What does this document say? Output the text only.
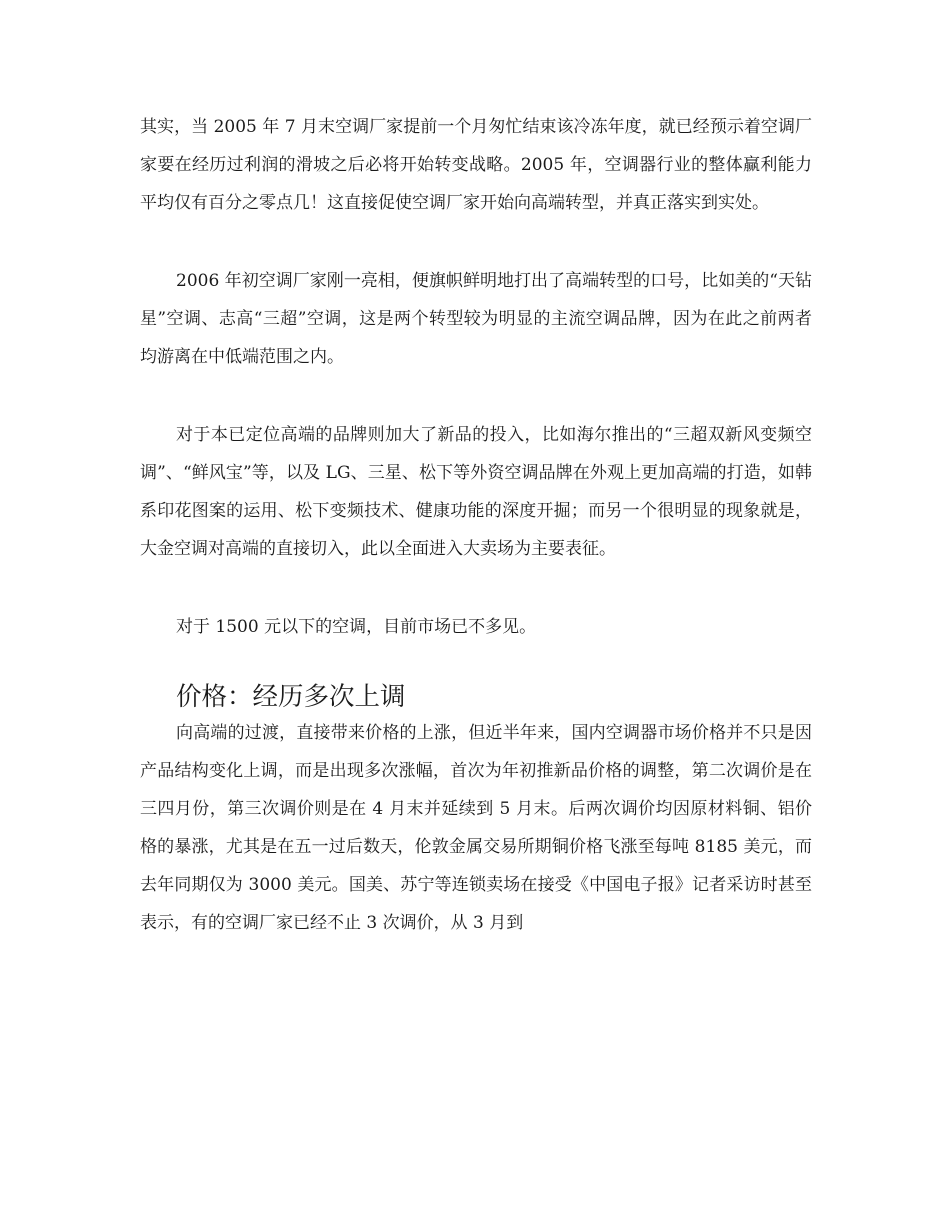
其实，当 2005 年 7 月末空调厂家提前一个月匆忙结束该冷冻年度，就已经预示着空调厂家要在经历过利润的滑坡之后必将开始转变战略。2005 年，空调器行业的整体赢利能力平均仅有百分之零点几！这直接促使空调厂家开始向高端转型，并真正落实到实处。

2006 年初空调厂家刚一亮相，便旗帜鲜明地打出了高端转型的口号，比如美的“天钻星”空调、志高“三超”空调，这是两个转型较为明显的主流空调品牌，因为在此之前两者均游离在中低端范围之内。

对于本已定位高端的品牌则加大了新品的投入，比如海尔推出的“三超双新风变频空调”、“鲜风宝”等，以及 LG、三星、松下等外资空调品牌在外观上更加高端的打造，如韩系印花图案的运用、松下变频技术、健康功能的深度开掘；而另一个很明显的现象就是，大金空调对高端的直接切入，此以全面进入大卖场为主要表征。

对于 1500 元以下的空调，目前市场已不多见。

价格：经历多次上调

向高端的过渡，直接带来价格的上涨，但近半年来，国内空调器市场价格并不只是因产品结构变化上调，而是出现多次涨幅，首次为年初推新品价格的调整，第二次调价是在三四月份，第三次调价则是在 4 月末并延续到 5 月末。后两次调价均因原材料铜、铝价格的暴涨，尤其是在五一过后数天，伦敦金属交易所期铜价格飞涨至每吨 8185 美元，而去年同期仅为 3000 美元。国美、苏宁等连锁卖场在接受《中国电子报》记者采访时甚至表示，有的空调厂家已经不止 3 次调价，从 3 月到
